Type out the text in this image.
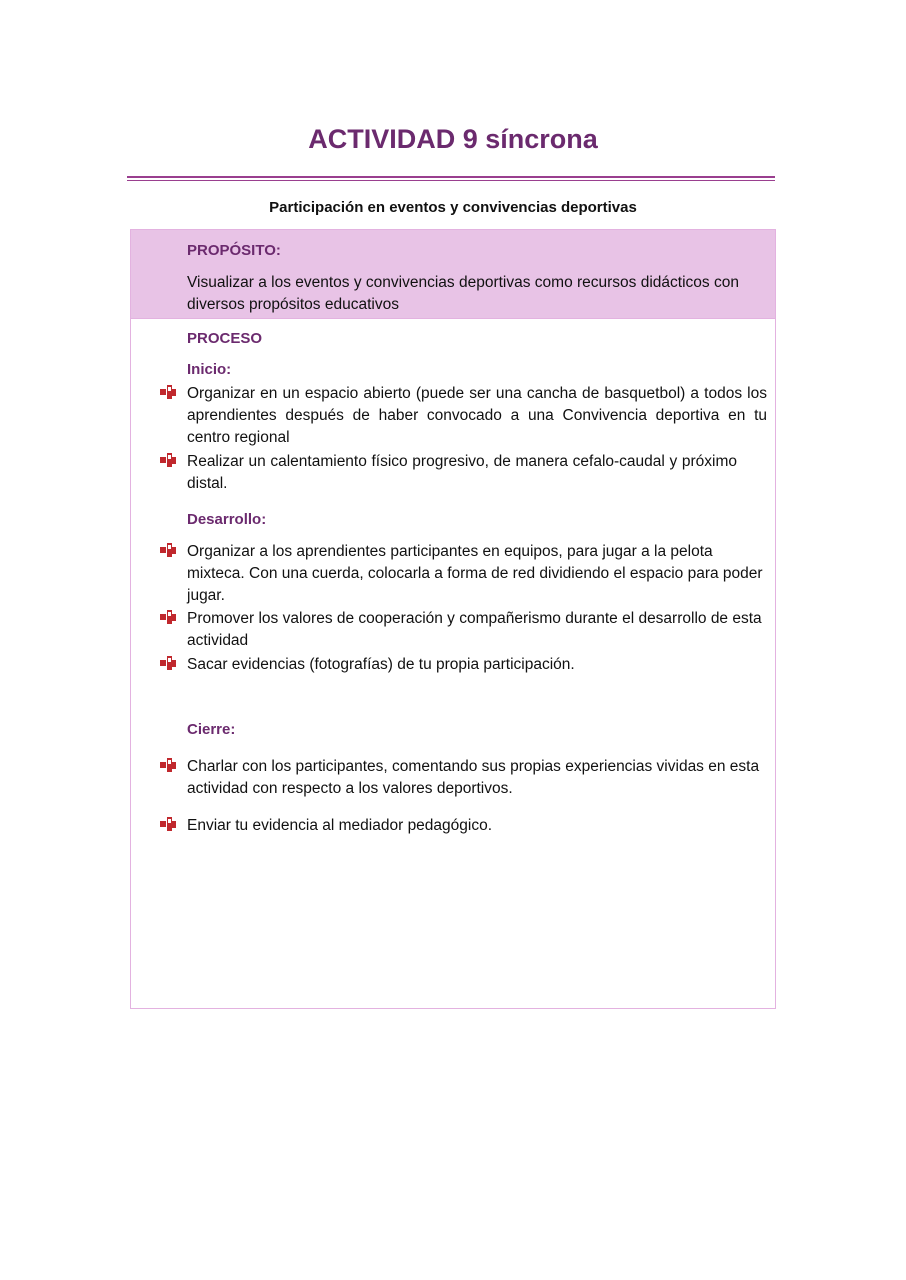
ACTIVIDAD 9 síncrona
Participación en eventos y convivencias deportivas
PROPÓSITO:
Visualizar a los eventos y convivencias deportivas como recursos didácticos con diversos propósitos educativos
PROCESO
Inicio:
Organizar en un espacio abierto (puede ser una cancha de basquetbol) a todos los aprendientes después de haber convocado a una Convivencia deportiva en tu centro regional
Realizar un calentamiento físico progresivo, de manera cefalo-caudal y próximo distal.
Desarrollo:
Organizar a los aprendientes participantes en equipos, para jugar a la pelota mixteca. Con una cuerda, colocarla a forma de red dividiendo el espacio para poder jugar.
Promover los valores de cooperación y compañerismo durante el desarrollo de esta actividad
Sacar evidencias (fotografías) de tu propia participación.
Cierre:
Charlar con los participantes, comentando sus propias experiencias vividas en esta actividad con respecto a los valores deportivos.
Enviar tu evidencia al mediador pedagógico.
